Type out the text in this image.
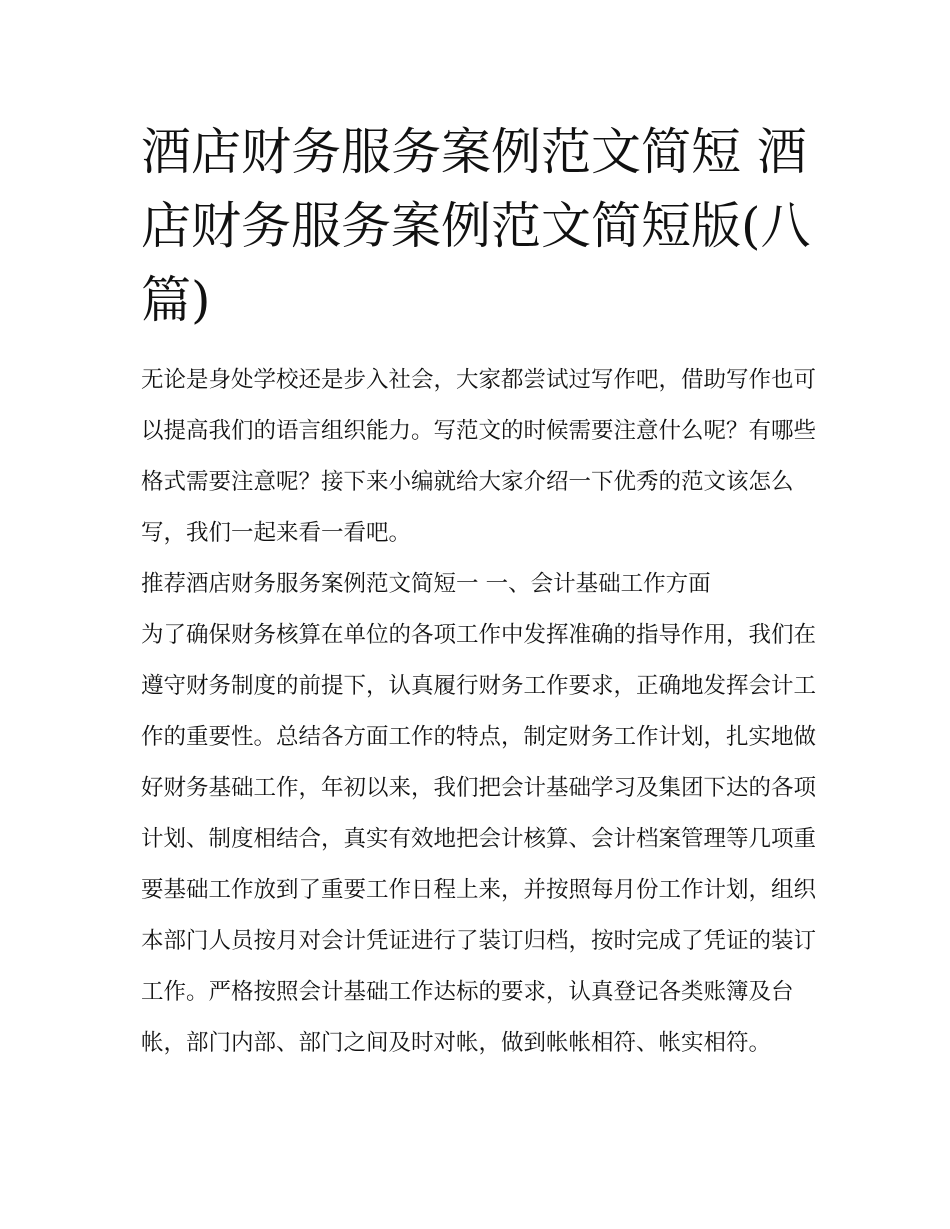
酒店财务服务案例范文简短 酒店财务服务案例范文简短版(八篇)

无论是身处学校还是步入社会，大家都尝试过写作吧，借助写作也可以提高我们的语言组织能力。写范文的时候需要注意什么呢？有哪些格式需要注意呢？接下来小编就给大家介绍一下优秀的范文该怎么写，我们一起来看一看吧。

推荐酒店财务服务案例范文简短一 一、会计基础工作方面

为了确保财务核算在单位的各项工作中发挥准确的指导作用，我们在遵守财务制度的前提下，认真履行财务工作要求，正确地发挥会计工作的重要性。总结各方面工作的特点，制定财务工作计划，扎实地做好财务基础工作，年初以来，我们把会计基础学习及集团下达的各项计划、制度相结合，真实有效地把会计核算、会计档案管理等几项重要基础工作放到了重要工作日程上来，并按照每月份工作计划，组织本部门人员按月对会计凭证进行了装订归档，按时完成了凭证的装订工作。严格按照会计基础工作达标的要求，认真登记各类账簿及台帐，部门内部、部门之间及时对帐，做到帐帐相符、帐实相符。
